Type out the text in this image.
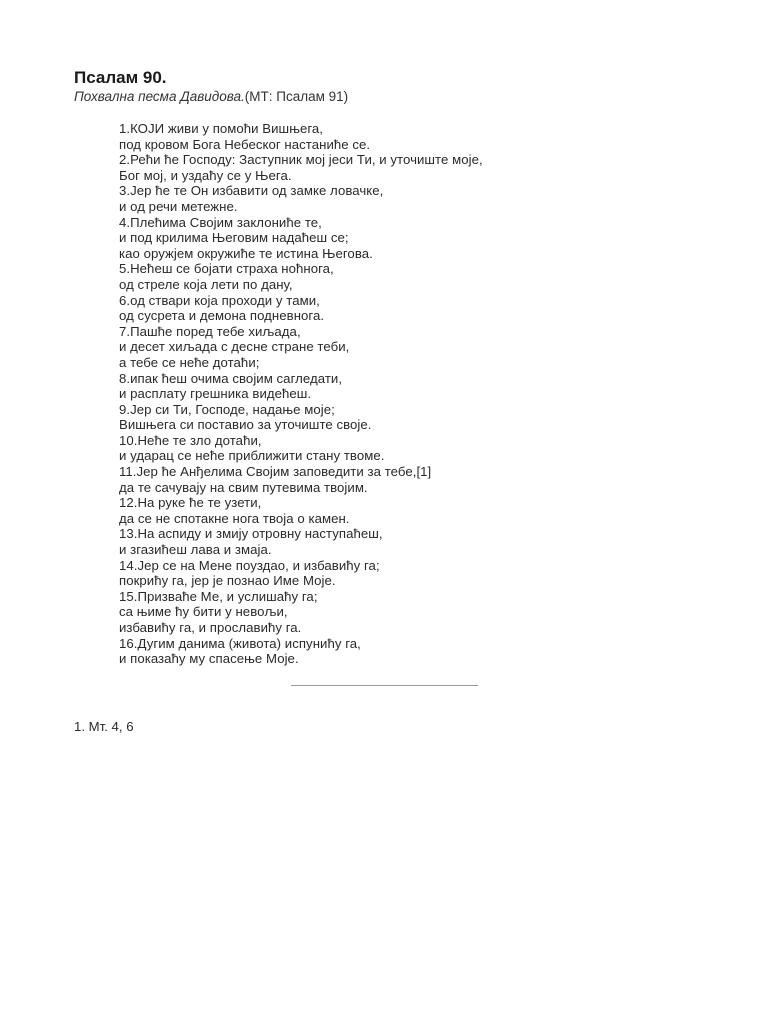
Псалам 90.
Похвална песма Давидова.(МТ: Псалам 91)
1.КОЈИ живи у помоћи Вишњега,
под кровом Бога Небеског настаниће се.
2.Рећи ће Господу: Заступник мој јеси Ти, и уточиште моје,
Бог мој, и уздаћу се у Њега.
3.Јер ће те Он избавити од замке ловачке,
и од речи метежне.
4.Плећима Својим заклониће те,
и под крилима Његовим надаћеш се;
као оружјем окружиће те истина Његова.
5.Нећеш се бојати страха ноћнога,
од стреле која лети по дану,
6.од ствари која проходи у тами,
од сусрета и демона подневнога.
7.Пашће поред тебе хиљада,
и десет хиљада с десне стране теби,
а тебе се неће дотаћи;
8.ипак ћеш очима својим сагледати,
и расплату грешника видећеш.
9.Јер си Ти, Господе, надање моје;
Вишњега си поставио за уточиште своје.
10.Неће те зло дотаћи,
и ударац се неће приближити стану твоме.
11.Јер ће Анђелима Својим заповедити за тебе,[1]
да те сачувају на свим путевима твојим.
12.На руке ће те узети,
да се не спотакне нога твоја о камен.
13.На аспиду и змију отровну наступаћеш,
и згазићеш лава и змаја.
14.Јер се на Мене поуздао, и избавићу га;
покрићу га, јер је познао Име Моје.
15.Призваће Ме, и услишаћу га;
са њиме ћу бити у невољи,
избавићу га, и прославићу га.
16.Дугим данима (живота) испунићу га,
и показаћу му спасење Моје.
1. Мт. 4, 6
